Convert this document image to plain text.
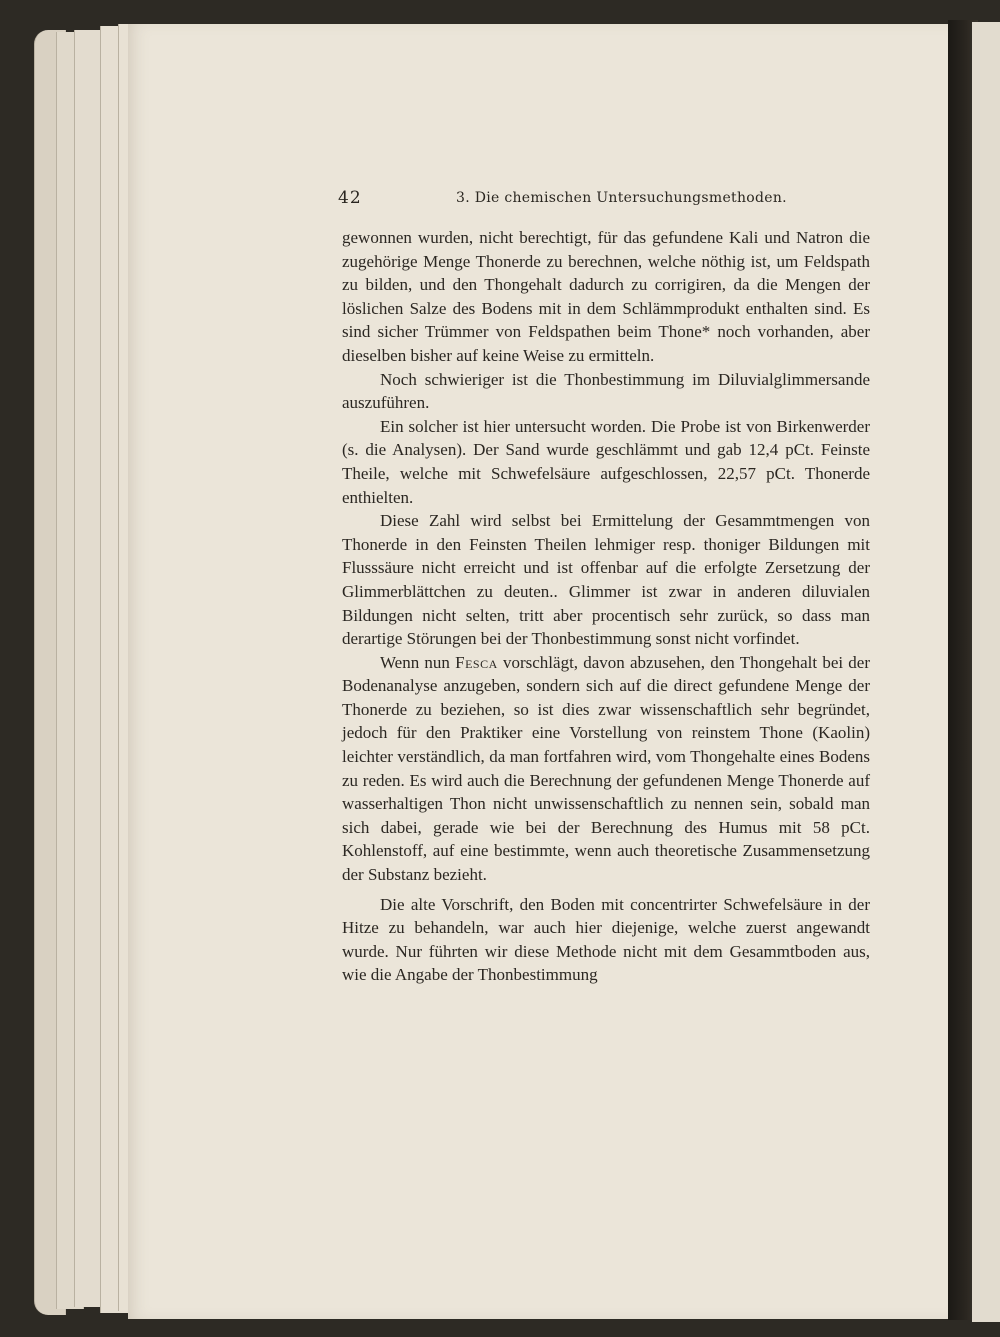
42	3. Die chemischen Untersuchungsmethoden.

gewonnen wurden, nicht berechtigt, für das gefundene Kali und Natron die zugehörige Menge Thonerde zu berechnen, welche nöthig ist, um Feldspath zu bilden, und den Thongehalt dadurch zu corrigiren, da die Mengen der löslichen Salze des Bodens mit in dem Schlämmprodukt enthalten sind. Es sind sicher Trümmer von Feldspathen beim Thone* noch vorhanden, aber dieselben bisher auf keine Weise zu ermitteln.

Noch schwieriger ist die Thonbestimmung im Diluvialglimmersande auszuführen.

Ein solcher ist hier untersucht worden. Die Probe ist von Birkenwerder (s. die Analysen). Der Sand wurde geschlämmt und gab 12,4 pCt. Feinste Theile, welche mit Schwefelsäure aufgeschlossen, 22,57 pCt. Thonerde enthielten.

Diese Zahl wird selbst bei Ermittelung der Gesammtmengen von Thonerde in den Feinsten Theilen lehmiger resp. thoniger Bildungen mit Flusssäure nicht erreicht und ist offenbar auf die erfolgte Zersetzung der Glimmerblättchen zu deuten.. Glimmer ist zwar in anderen diluvialen Bildungen nicht selten, tritt aber procentisch sehr zurück, so dass man derartige Störungen bei der Thonbestimmung sonst nicht vorfindet.

Wenn nun Fesca vorschlägt, davon abzusehen, den Thongehalt bei der Bodenanalyse anzugeben, sondern sich auf die direct gefundene Menge der Thonerde zu beziehen, so ist dies zwar wissenschaftlich sehr begründet, jedoch für den Praktiker eine Vorstellung von reinstem Thone (Kaolin) leichter verständlich, da man fortfahren wird, vom Thongehalte eines Bodens zu reden. Es wird auch die Berechnung der gefundenen Menge Thonerde auf wasserhaltigen Thon nicht unwissenschaftlich zu nennen sein, sobald man sich dabei, gerade wie bei der Berechnung des Humus mit 58 pCt. Kohlenstoff, auf eine bestimmte, wenn auch theoretische Zusammensetzung der Substanz bezieht.

Die alte Vorschrift, den Boden mit concentrirter Schwefelsäure in der Hitze zu behandeln, war auch hier diejenige, welche zuerst angewandt wurde. Nur führten wir diese Methode nicht mit dem Gesammtboden aus, wie die Angabe der Thonbestimmung
